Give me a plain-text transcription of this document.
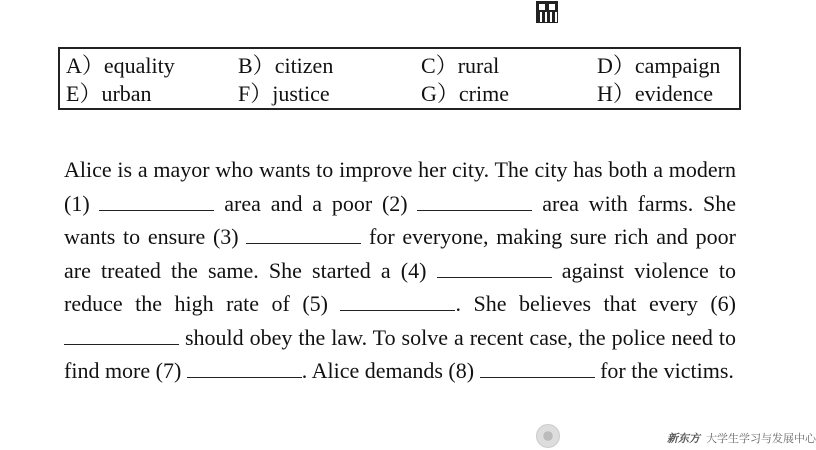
A）equality	B）citizen	C）rural	D）campaign
E）urban	F）justice	G）crime	H）evidence

Alice is a mayor who wants to improve her city. The city has both a modern (1)	area and a poor (2)	area with farms. She wants to ensure (3)	for everyone, making sure rich and poor are treated the same. She started a (4)	against violence to reduce the high rate of (5)	. She believes that every (6)  should obey the law. To solve a recent case, the police need to find more (7)	. Alice demands (8)	for the victims.

新东方 大学生学习与发展中心
